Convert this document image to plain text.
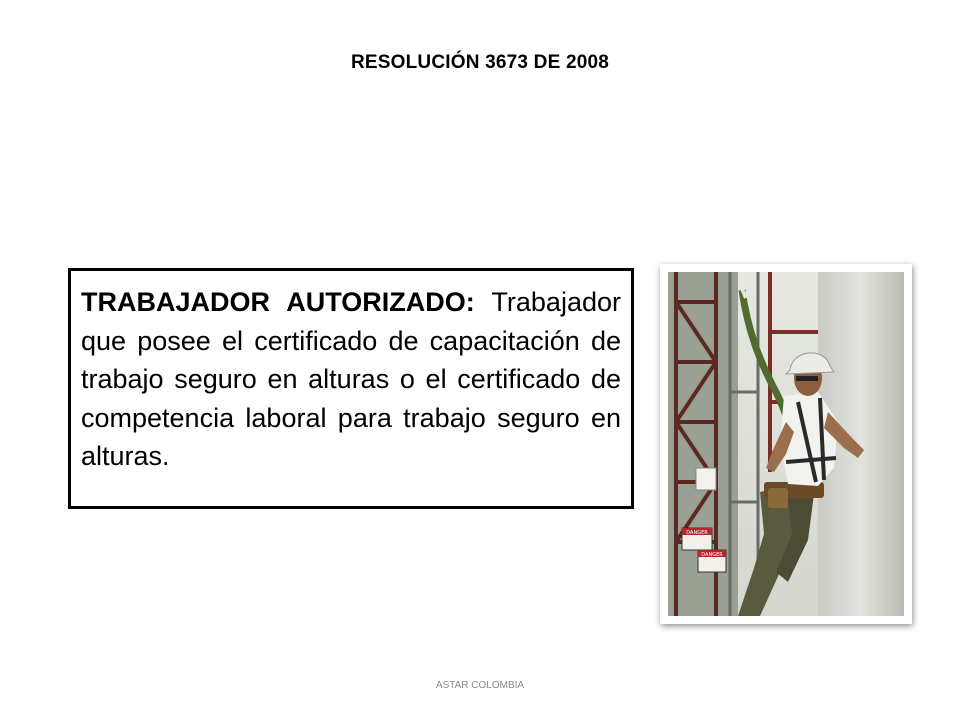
RESOLUCIÓN 3673 DE 2008

TRABAJADOR AUTORIZADO: Trabajador que posee el certificado de capacitación de trabajo seguro en alturas o el certificado de competencia laboral para trabajo seguro en alturas.

DANGER
DANGER
ASTAR COLOMBIA
